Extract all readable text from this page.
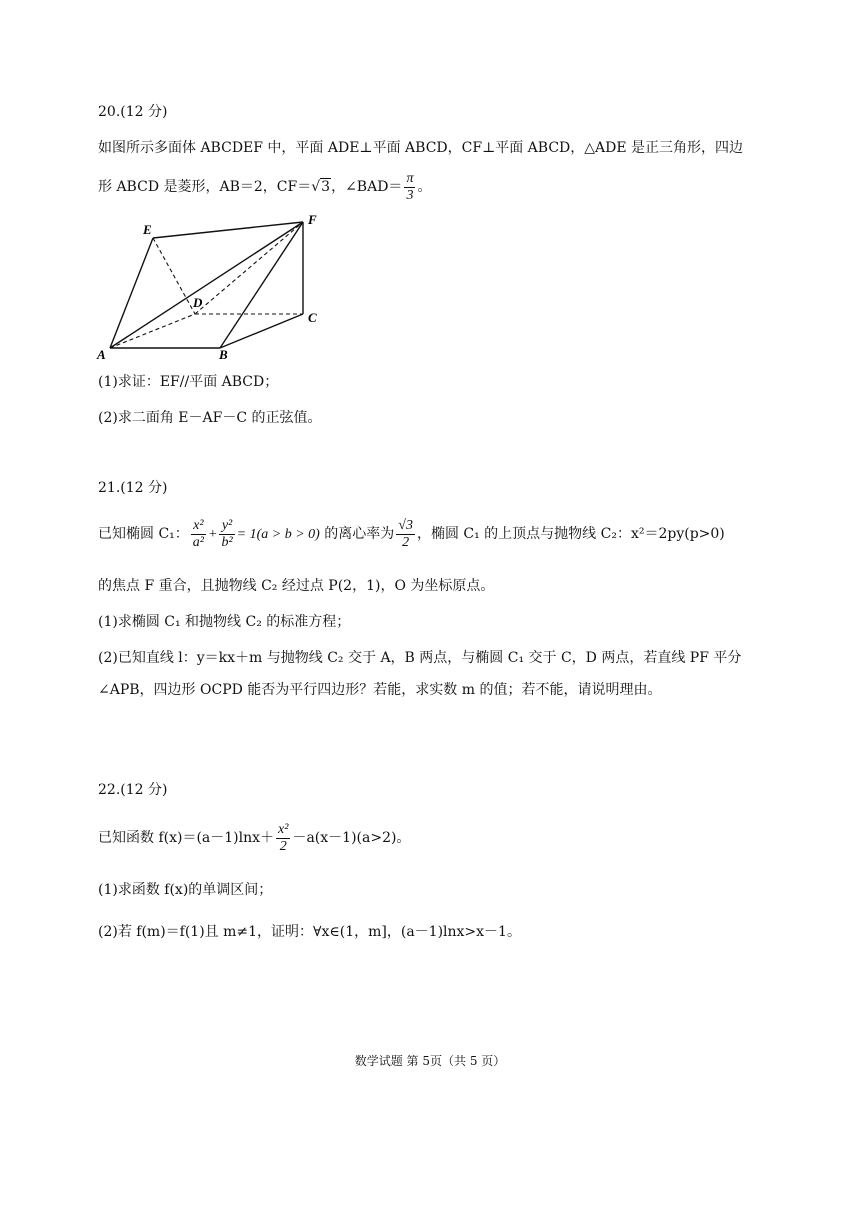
20.(12 分)
如图所示多面体 ABCDEF 中，平面 ADE⊥平面 ABCD，CF⊥平面 ABCD，△ADE 是正三角形，四边
形 ABCD 是菱形，AB＝2，CF＝√3，∠BAD＝ $\frac{\pi}{3}$ 。
E
F
D
C
A	B
(1)求证：EF//平面 ABCD；
(2)求二面角 E－AF－C 的正弦值。
21.(12 分)
已知椭圆 C₁： $\frac{\text{x²}}{\text{a²}} + \frac{\text{y²}}{\text{b²}} = 1(a > b > 0)$ 的离心率为 $\frac{√3}{2}$ ，椭圆 C₁ 的上顶点与抛物线 C₂：x²＝2py(p>0)
的焦点 F 重合，且抛物线 C₂ 经过点 P(2，1)，O 为坐标原点。
(1)求椭圆 C₁ 和抛物线 C₂ 的标准方程；
(2)已知直线 l：y＝kx＋m 与抛物线 C₂ 交于 A，B 两点，与椭圆 C₁ 交于 C，D 两点，若直线 PF 平分
∠APB，四边形 OCPD 能否为平行四边形？若能，求实数 m 的值；若不能，请说明理由。
22.(12 分)
已知函数 $f(x)=(a-1)\ln x+ \frac{\text{x²}}{2} -a(x-1)(a>2)$。
(1)求函数 f(x)的单调区间；
(2)若 f(m)＝f(1)且 m≠1，证明：∀x∈(1，m]，(a－1)lnx>x－1。
数学试题 第 5页（共 5 页）
